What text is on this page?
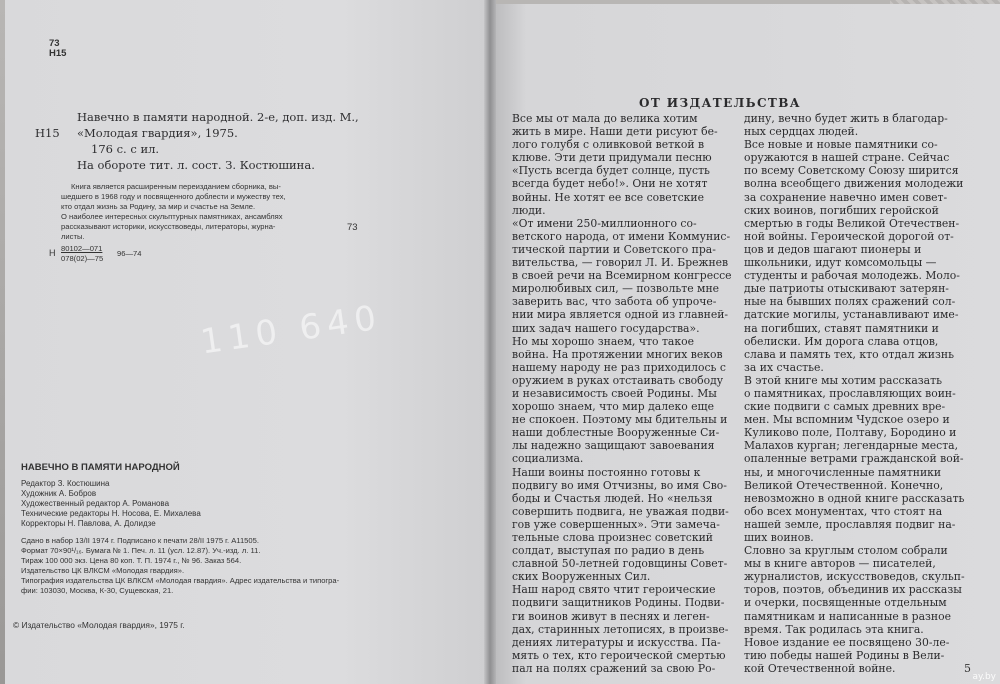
73
Н15
Навечно в памяти народной. 2-е, доп. изд. М.,
Н15 «Молодая гвардия», 1975.
176 с. с ил.
На обороте тит. л. сост. З. Костюшина.
Книга является расширенным переизданием сборника, вы-
шедшего в 1968 году и посвященного доблести и мужеству тех,
кто отдал жизнь за Родину, за мир и счастье на Земле.
О наиболее интересных скульптурных памятниках, ансамблях
рассказывают историки, искусствоведы, литераторы, журна-
листы.
73
Н 80102—071
078(02)—75
96—74
110 640
НАВЕЧНО В ПАМЯТИ НАРОДНОЙ
Редактор З. Костюшина
Художник А. Бобров
Художественный редактор А. Романова
Технические редакторы Н. Носова, Е. Михалева
Корректоры Н. Павлова, А. Долидзе
Сдано в набор 13/II 1974 г. Подписано к печати 28/II 1975 г. А11505.
Формат 70×90¹/₁₆. Бумага № 1. Печ. л. 11 (усл. 12.87). Уч.-изд. л. 11.
Тираж 100 000 экз. Цена 80 коп. Т. П. 1974 г., № 96. Заказ 564.
Издательство ЦК ВЛКСМ «Молодая гвардия».
Типография издательства ЦК ВЛКСМ «Молодая гвардия». Адрес издательства и типогра-
фии: 103030, Москва, К-30, Сущевская, 21.
© Издательство «Молодая гвардия», 1975 г.
ОТ ИЗДАТЕЛЬСТВА
Все мы от мала до велика хотим
жить в мире. Наши дети рисуют бе-
лого голубя с оливковой веткой в
клюве. Эти дети придумали песню
«Пусть всегда будет солнце, пусть
всегда будет небо!». Они не хотят
войны. Не хотят ее все советские
люди.
«От имени 250-миллионного со-
ветского народа, от имени Коммунис-
тической партии и Советского пра-
вительства, — говорил Л. И. Брежнев
в своей речи на Всемирном конгрессе
миролюбивых сил, — позвольте мне
заверить вас, что забота об упроче-
нии мира является одной из главней-
ших задач нашего государства».
Но мы хорошо знаем, что такое
война. На протяжении многих веков
нашему народу не раз приходилось с
оружием в руках отстаивать свободу
и независимость своей Родины. Мы
хорошо знаем, что мир далеко еще
не спокоен. Поэтому мы бдительны и
наши доблестные Вооруженные Си-
лы надежно защищают завоевания
социализма.
Наши воины постоянно готовы к
подвигу во имя Отчизны, во имя Сво-
боды и Счастья людей. Но «нельзя
совершить подвига, не уважая подви-
гов уже совершенных». Эти замеча-
тельные слова произнес советский
солдат, выступая по радио в день
славной 50-летней годовщины Совет-
ских Вооруженных Сил.
Наш народ свято чтит героические
подвиги защитников Родины. Подви-
ги воинов живут в песнях и леген-
дах, старинных летописях, в произве-
дениях литературы и искусства. Па-
мять о тех, кто героической смертью
пал на полях сражений за свою Ро-
дину, вечно будет жить в благодар-
ных сердцах людей.
Все новые и новые памятники со-
оружаются в нашей стране. Сейчас
по всему Советскому Союзу ширится
волна всеобщего движения молодежи
за сохранение навечно имен совет-
ских воинов, погибших геройской
смертью в годы Великой Отечествен-
ной войны. Героической дорогой от-
цов и дедов шагают пионеры и
школьники, идут комсомольцы —
студенты и рабочая молодежь. Моло-
дые патриоты отыскивают затерян-
ные на бывших полях сражений сол-
датские могилы, устанавливают име-
на погибших, ставят памятники и
обелиски. Им дорога слава отцов,
слава и память тех, кто отдал жизнь
за их счастье.
В этой книге мы хотим рассказать
о памятниках, прославляющих воин-
ские подвиги с самых древних вре-
мен. Мы вспомним Чудское озеро и
Куликово поле, Полтаву, Бородино и
Малахов курган; легендарные места,
опаленные ветрами гражданской вой-
ны, и многочисленные памятники
Великой Отечественной. Конечно,
невозможно в одной книге рассказать
обо всех монументах, что стоят на
нашей земле, прославляя подвиг на-
ших воинов.
Словно за круглым столом собрали
мы в книге авторов — писателей,
журналистов, искусствоведов, скульп-
торов, поэтов, объединив их рассказы
и очерки, посвященные отдельным
памятникам и написанные в разное
время. Так родилась эта книга.
Новое издание ее посвящено 30-ле-
тию победы нашей Родины в Вели-
кой Отечественной войне.	5
ay.by
